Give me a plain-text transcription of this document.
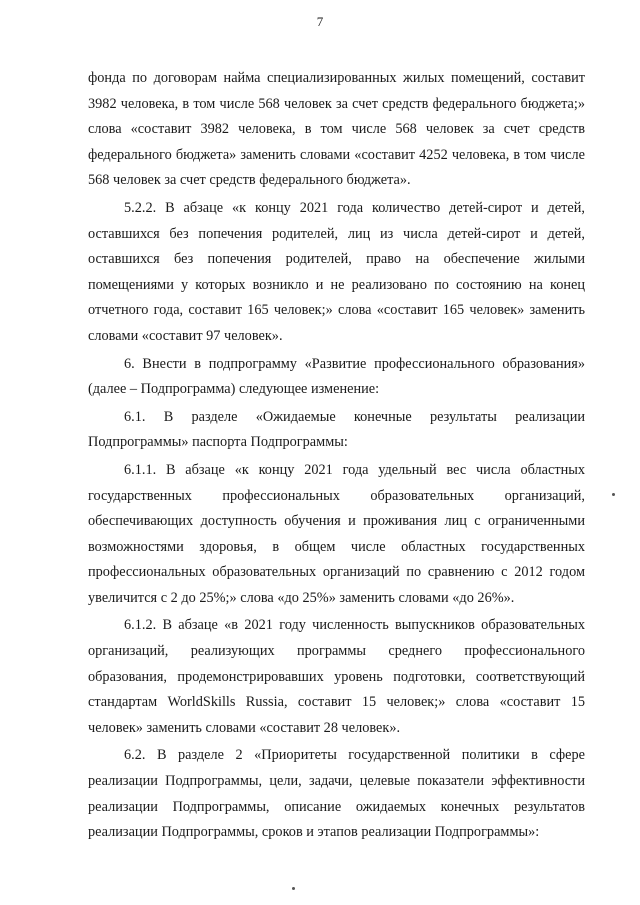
7

фонда по договорам найма специализированных жилых помещений, составит 3982 человека, в том числе 568 человек за счет средств федерального бюджета;» слова «составит 3982 человека, в том числе 568 человек за счет средств федерального бюджета» заменить словами «составит 4252 человека, в том числе 568 человек за счет средств федерального бюджета».

5.2.2. В абзаце «к концу 2021 года количество детей-сирот и детей, оставшихся без попечения родителей, лиц из числа детей-сирот и детей, оставшихся без попечения родителей, право на обеспечение жилыми помещениями у которых возникло и не реализовано по состоянию на конец отчетного года, составит 165 человек;» слова «составит 165 человек» заменить словами «составит 97 человек».

6. Внести в подпрограмму «Развитие профессионального образования» (далее – Подпрограмма) следующее изменение:

6.1. В разделе «Ожидаемые конечные результаты реализации Подпрограммы» паспорта Подпрограммы:

6.1.1. В абзаце «к концу 2021 года удельный вес числа областных государственных профессиональных образовательных организаций, обеспечивающих доступность обучения и проживания лиц с ограниченными возможностями здоровья, в общем числе областных государственных профессиональных образовательных организаций по сравнению с 2012 годом увеличится с 2 до 25%;» слова «до 25%» заменить словами «до 26%».

6.1.2. В абзаце «в 2021 году численность выпускников образовательных организаций, реализующих программы среднего профессионального образования, продемонстрировавших уровень подготовки, соответствующий стандартам WorldSkills Russia, составит 15 человек;» слова «составит 15 человек» заменить словами «составит 28 человек».

6.2. В разделе 2 «Приоритеты государственной политики в сфере реализации Подпрограммы, цели, задачи, целевые показатели эффективности реализации Подпрограммы, описание ожидаемых конечных результатов реализации Подпрограммы, сроков и этапов реализации Подпрограммы»:
